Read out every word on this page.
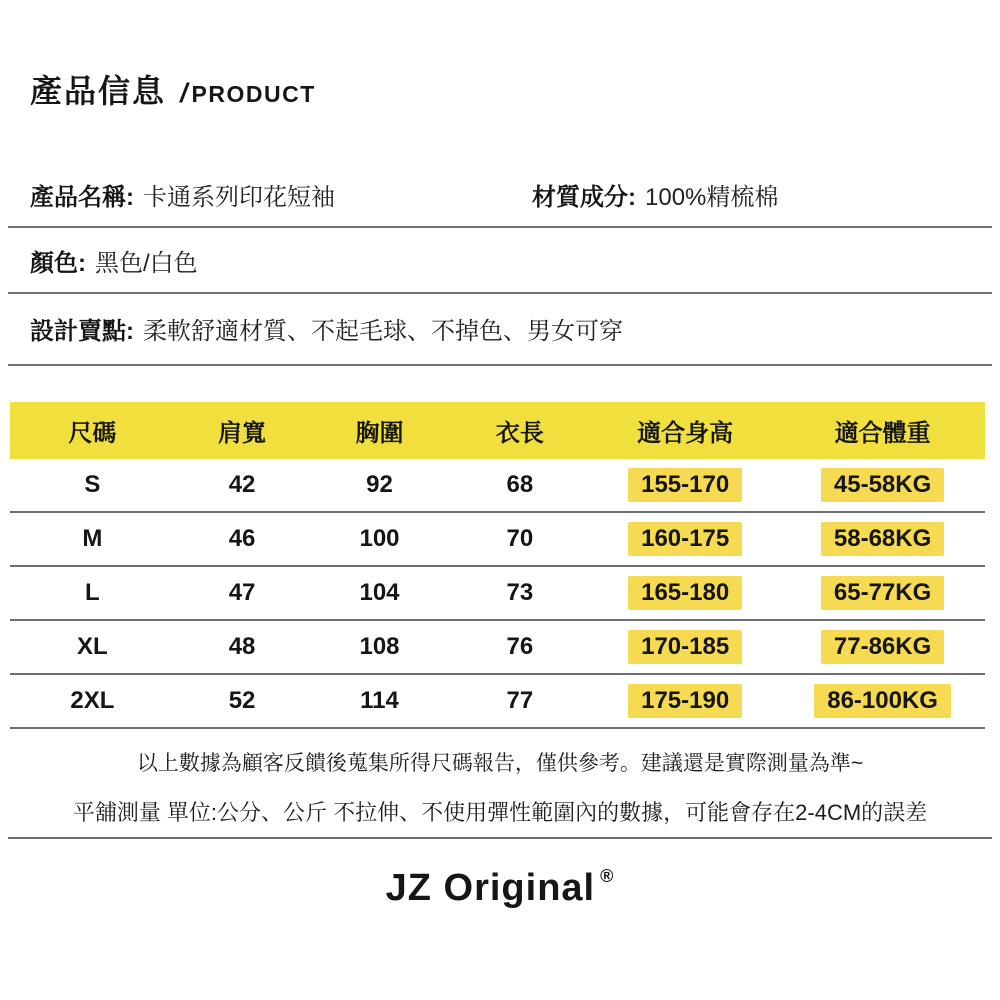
產品信息 / PRODUCT
產品名稱: 卡通系列印花短袖	材質成分: 100%精梳棉
顏色: 黑色/白色
設計賣點: 柔軟舒適材質、不起毛球、不掉色、男女可穿
尺碼	肩寬	胸圍	衣長	適合身高	適合體重
S	42	92	68	155-170	45-58KG
M	46	100	70	160-175	58-68KG
L	47	104	73	165-180	65-77KG
XL	48	108	76	170-185	77-86KG
2XL	52	114	77	175-190	86-100KG
以上數據為顧客反饋後蒐集所得尺碼報告，僅供參考。建議還是實際測量為準~
平舖測量 單位:公分、公斤 不拉伸、不使用彈性範圍內的數據，可能會存在2-4CM的誤差
JZ Original ®
